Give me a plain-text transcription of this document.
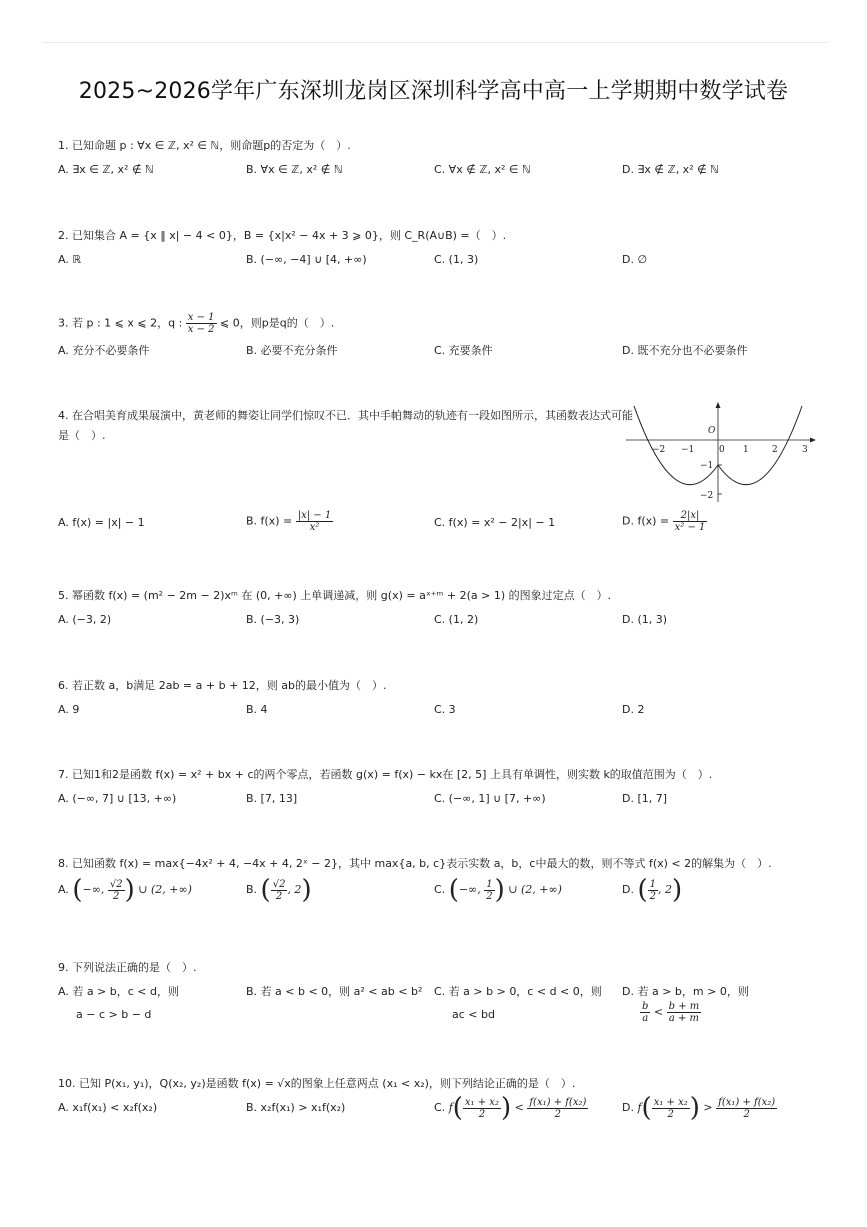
2025~2026学年广东深圳龙岗区深圳科学高中高一上学期期中数学试卷
1. 已知命题 p : ∀x ∈ ℤ, x² ∈ ℕ，则命题p的否定为（　）.
A. ∃x ∈ ℤ, x² ∉ ℕ	B. ∀x ∈ ℤ, x² ∉ ℕ	C. ∀x ∉ ℤ, x² ∈ ℕ	D. ∃x ∉ ℤ, x² ∉ ℕ
2. 已知集合 A = {x ‖ x| − 4 < 0}，B = {x|x² − 4x + 3 ⩾ 0}，则 C_R(A∪B) =（　）.
A. ℝ	B. (−∞, −4] ∪ [4, +∞)	C. (1, 3)	D. ∅
3. 若 p : 1 ⩽ x ⩽ 2，q : $\frac{x - 1}{x - 2}$ ⩽ 0，则p是q的（　）.
A. 充分不必要条件	B. 必要不充分条件	C. 充要条件	D. 既不充分也不必要条件
4. 在合唱美育成果展演中，黄老师的舞姿让同学们惊叹不已．其中手帕舞动的轨迹有一段如图所示，其函数表达式可能是（　）.
A. f(x) = |x| − 1	B. $f(x) = \frac{|x| - 1}{\text{x²}}$	C. f(x) = x² − 2|x| − 1	D. $f(x) = \frac{2|x|}{\text{x² − 1}}$
O
−2 −1	0 1	2	3
−1
−2
5. 幂函数 f(x) = (m² − 2m − 2)xᵐ 在 (0, +∞) 上单调递减，则 g(x) = aˣ⁺ᵐ + 2(a > 1) 的图象过定点（　）.
A. (−3, 2)	B. (−3, 3)	C. (1, 2)	D. (1, 3)
6. 若正数 a，b满足 2ab = a + b + 12，则 ab的最小值为（　）.
A. 9	B. 4	C. 3	D. 2
7. 已知1和2是函数 f(x) = x² + bx + c的两个零点，若函数 g(x) = f(x) − kx在 [2, 5] 上具有单调性，则实数 k的取值范围为（　）.
A. (−∞, 7] ∪ [13, +∞)	B. [7, 13]	C. (−∞, 1] ∪ [7, +∞)	D. [1, 7]
8. 已知函数 f(x) = max{−4x² + 4, −4x + 4, 2ˣ − 2}，其中 max{a, b, c}表示实数 a，b，c中最大的数，则不等式 f(x) < 2的解集为（　）.
A. (−∞, $\frac{√2}{2}$ ) ∪ (2, +∞)	B. ( $\frac{√2}{2}$ , 2)	C. (−∞, $\frac{1}{2}$ ) ∪ (2, +∞)	D. ( $\frac{1}{2}$ , 2)
9. 下列说法正确的是（　）.
A. 若 a > b，c < d，则
a − c > b − d
B. 若 a < b < 0，则 a² < ab < b² C. 若 a > b > 0，c < d < 0，则
ac < bd
D. 若 a > b，m > 0，则
$\frac{b}{a} < \frac{b + m}{a + m}$
10. 已知 P(x₁, y₁)，Q(x₂, y₂)是函数 f(x) = √x的图象上任意两点 (x₁ < x₂)，则下列结论正确的是（　）.
A. x₁f(x₁) < x₂f(x₂)	B. x₂f(x₁) > x₁f(x₂)	C. $f( \frac{\text{x₁ + x₂}}{2}$ ) < $\frac{\text{f(x₁) + f(x₂)}}{2}$	D. $f( \frac{\text{x₁ + x₂}}{2}$ ) > $\frac{\text{f(x₁) + f(x₂)}}{2}$
